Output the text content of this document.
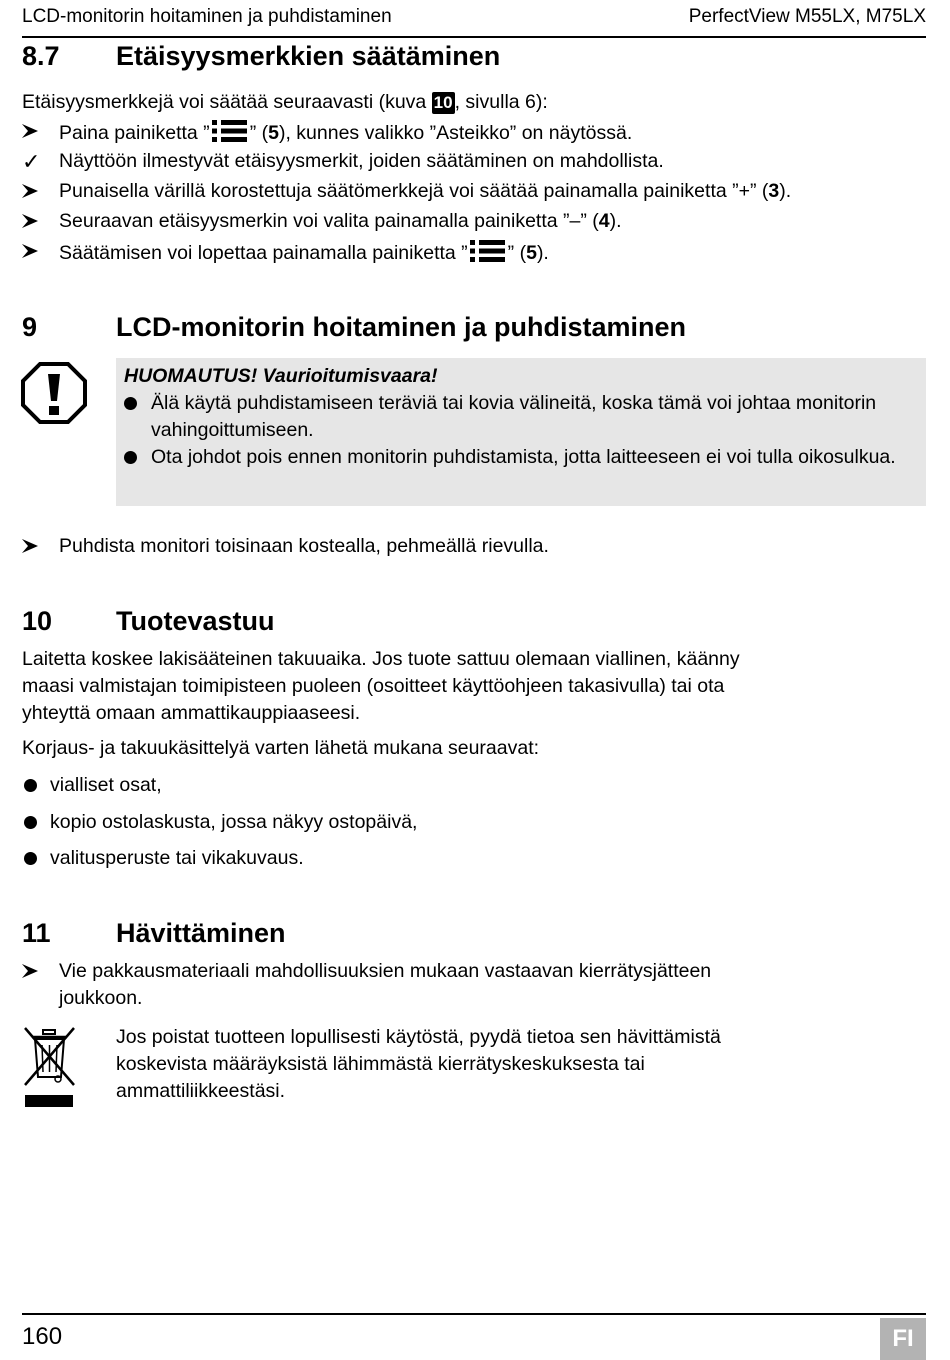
LCD-monitorin hoitaminen ja puhdistaminen	PerfectView M55LX, M75LX
8.7 Etäisyysmerkkien säätäminen
Etäisyysmerkkejä voi säätää seuraavasti (kuva 10 , sivulla 6):
Paina painiketta ” ” (5), kunnes valikko ”Asteikko” on näytössä.
✓ Näyttöön ilmestyvät etäisyysmerkit, joiden säätäminen on mahdollista.
Punaisella värillä korostettuja säätömerkkejä voi säätää painamalla painiketta ”+” (3).
Seuraavan etäisyysmerkin voi valita painamalla painiketta ”–” (4).
Säätämisen voi lopettaa painamalla painiketta ” ” (5).
9	LCD-monitorin hoitaminen ja puhdistaminen
HUOMAUTUS! Vaurioitumisvaara!
Älä käytä puhdistamiseen teräviä tai kovia välineitä, koska tämä voi johtaa monitorin vahingoittumiseen.
Ota johdot pois ennen monitorin puhdistamista, jotta laitteeseen ei voi tulla oikosulkua.
Puhdista monitori toisinaan kostealla, pehmeällä rievulla.
10 Tuotevastuu
Laitetta koskee lakisääteinen takuuaika. Jos tuote sattuu olemaan viallinen, käänny
maasi valmistajan toimipisteen puoleen (osoitteet käyttöohjeen takasivulla) tai ota
yhteyttä omaan ammattikauppiaaseesi.
Korjaus- ja takuukäsittelyä varten lähetä mukana seuraavat:
vialliset osat,
kopio ostolaskusta, jossa näkyy ostopäivä,
valitusperuste tai vikakuvaus.
11 Hävittäminen
Vie pakkausmateriaali mahdollisuuksien mukaan vastaavan kierrätysjätteen
joukkoon.
Jos poistat tuotteen lopullisesti käytöstä, pyydä tietoa sen hävittämistä
koskevista määräyksistä lähimmästä kierrätyskeskuksesta tai
ammattiliikkeestäsi.
160	FI
